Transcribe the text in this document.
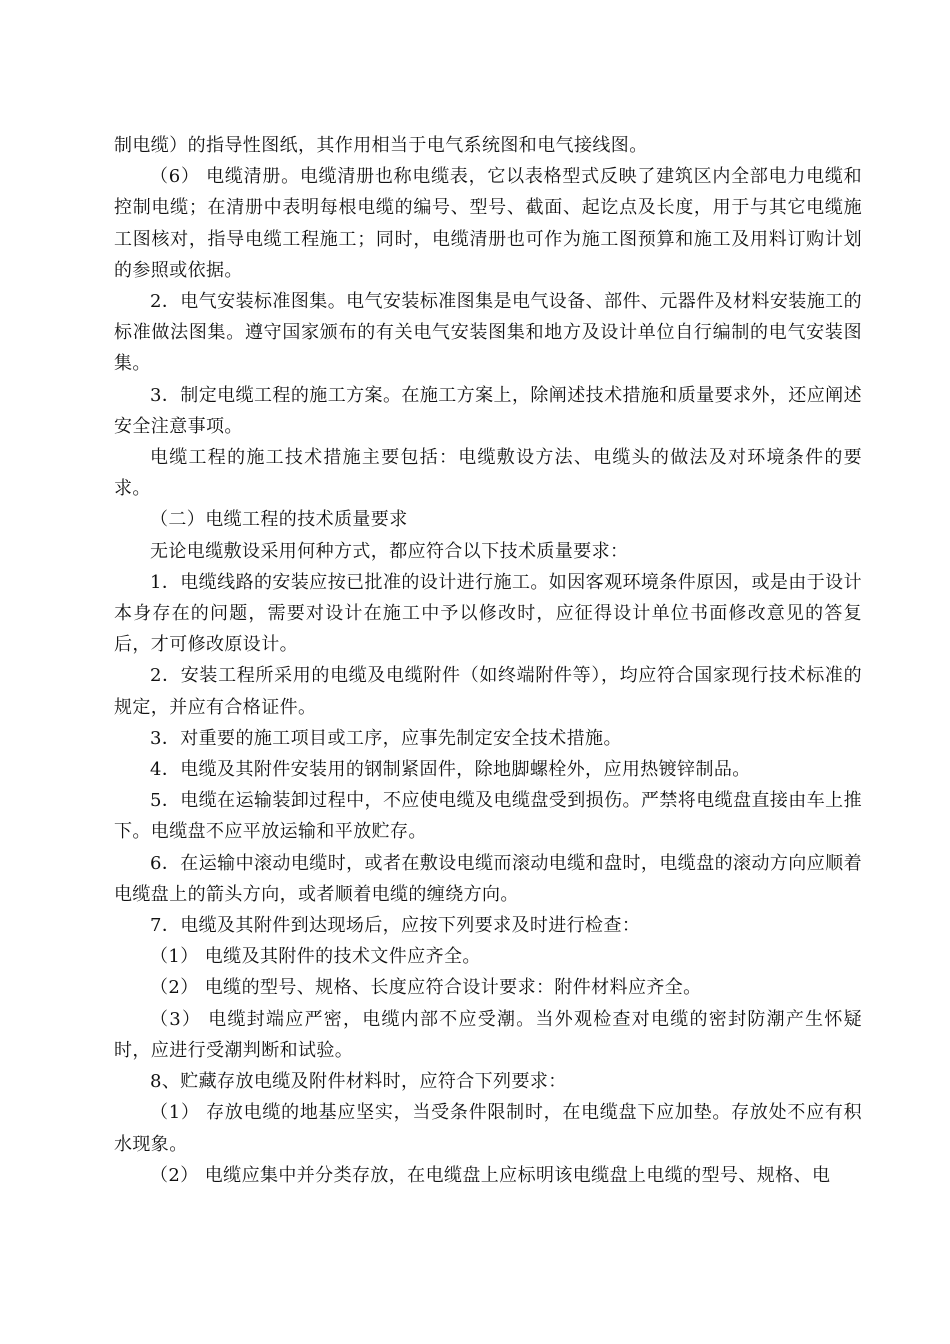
制电缆）的指导性图纸，其作用相当于电气系统图和电气接线图。

（6） 电缆清册。电缆清册也称电缆表，它以表格型式反映了建筑区内全部电力电缆和控制电缆；在清册中表明每根电缆的编号、型号、截面、起讫点及长度，用于与其它电缆施工图核对，指导电缆工程施工；同时，电缆清册也可作为施工图预算和施工及用料订购计划的参照或依据。

2．电气安装标准图集。电气安装标准图集是电气设备、部件、元器件及材料安装施工的标准做法图集。遵守国家颁布的有关电气安装图集和地方及设计单位自行编制的电气安装图集。

3．制定电缆工程的施工方案。在施工方案上，除阐述技术措施和质量要求外，还应阐述安全注意事项。

电缆工程的施工技术措施主要包括：电缆敷设方法、电缆头的做法及对环境条件的要求。

（二）电缆工程的技术质量要求

无论电缆敷设采用何种方式，都应符合以下技术质量要求：

1．电缆线路的安装应按已批准的设计进行施工。如因客观环境条件原因，或是由于设计本身存在的问题，需要对设计在施工中予以修改时，应征得设计单位书面修改意见的答复后，才可修改原设计。

2．安装工程所采用的电缆及电缆附件（如终端附件等），均应符合国家现行技术标准的规定，并应有合格证件。

3．对重要的施工项目或工序，应事先制定安全技术措施。

4．电缆及其附件安装用的钢制紧固件，除地脚螺栓外，应用热镀锌制品。

5．电缆在运输装卸过程中，不应使电缆及电缆盘受到损伤。严禁将电缆盘直接由车上推下。电缆盘不应平放运输和平放贮存。

6．在运输中滚动电缆时，或者在敷设电缆而滚动电缆和盘时，电缆盘的滚动方向应顺着电缆盘上的箭头方向，或者顺着电缆的缠绕方向。

7．电缆及其附件到达现场后，应按下列要求及时进行检查：

（1） 电缆及其附件的技术文件应齐全。

（2） 电缆的型号、规格、长度应符合设计要求：附件材料应齐全。

（3） 电缆封端应严密，电缆内部不应受潮。当外观检查对电缆的密封防潮产生怀疑时，应进行受潮判断和试验。

8、贮藏存放电缆及附件材料时，应符合下列要求：

（1） 存放电缆的地基应坚实，当受条件限制时，在电缆盘下应加垫。存放处不应有积水现象。

（2） 电缆应集中并分类存放，在电缆盘上应标明该电缆盘上电缆的型号、规格、电
